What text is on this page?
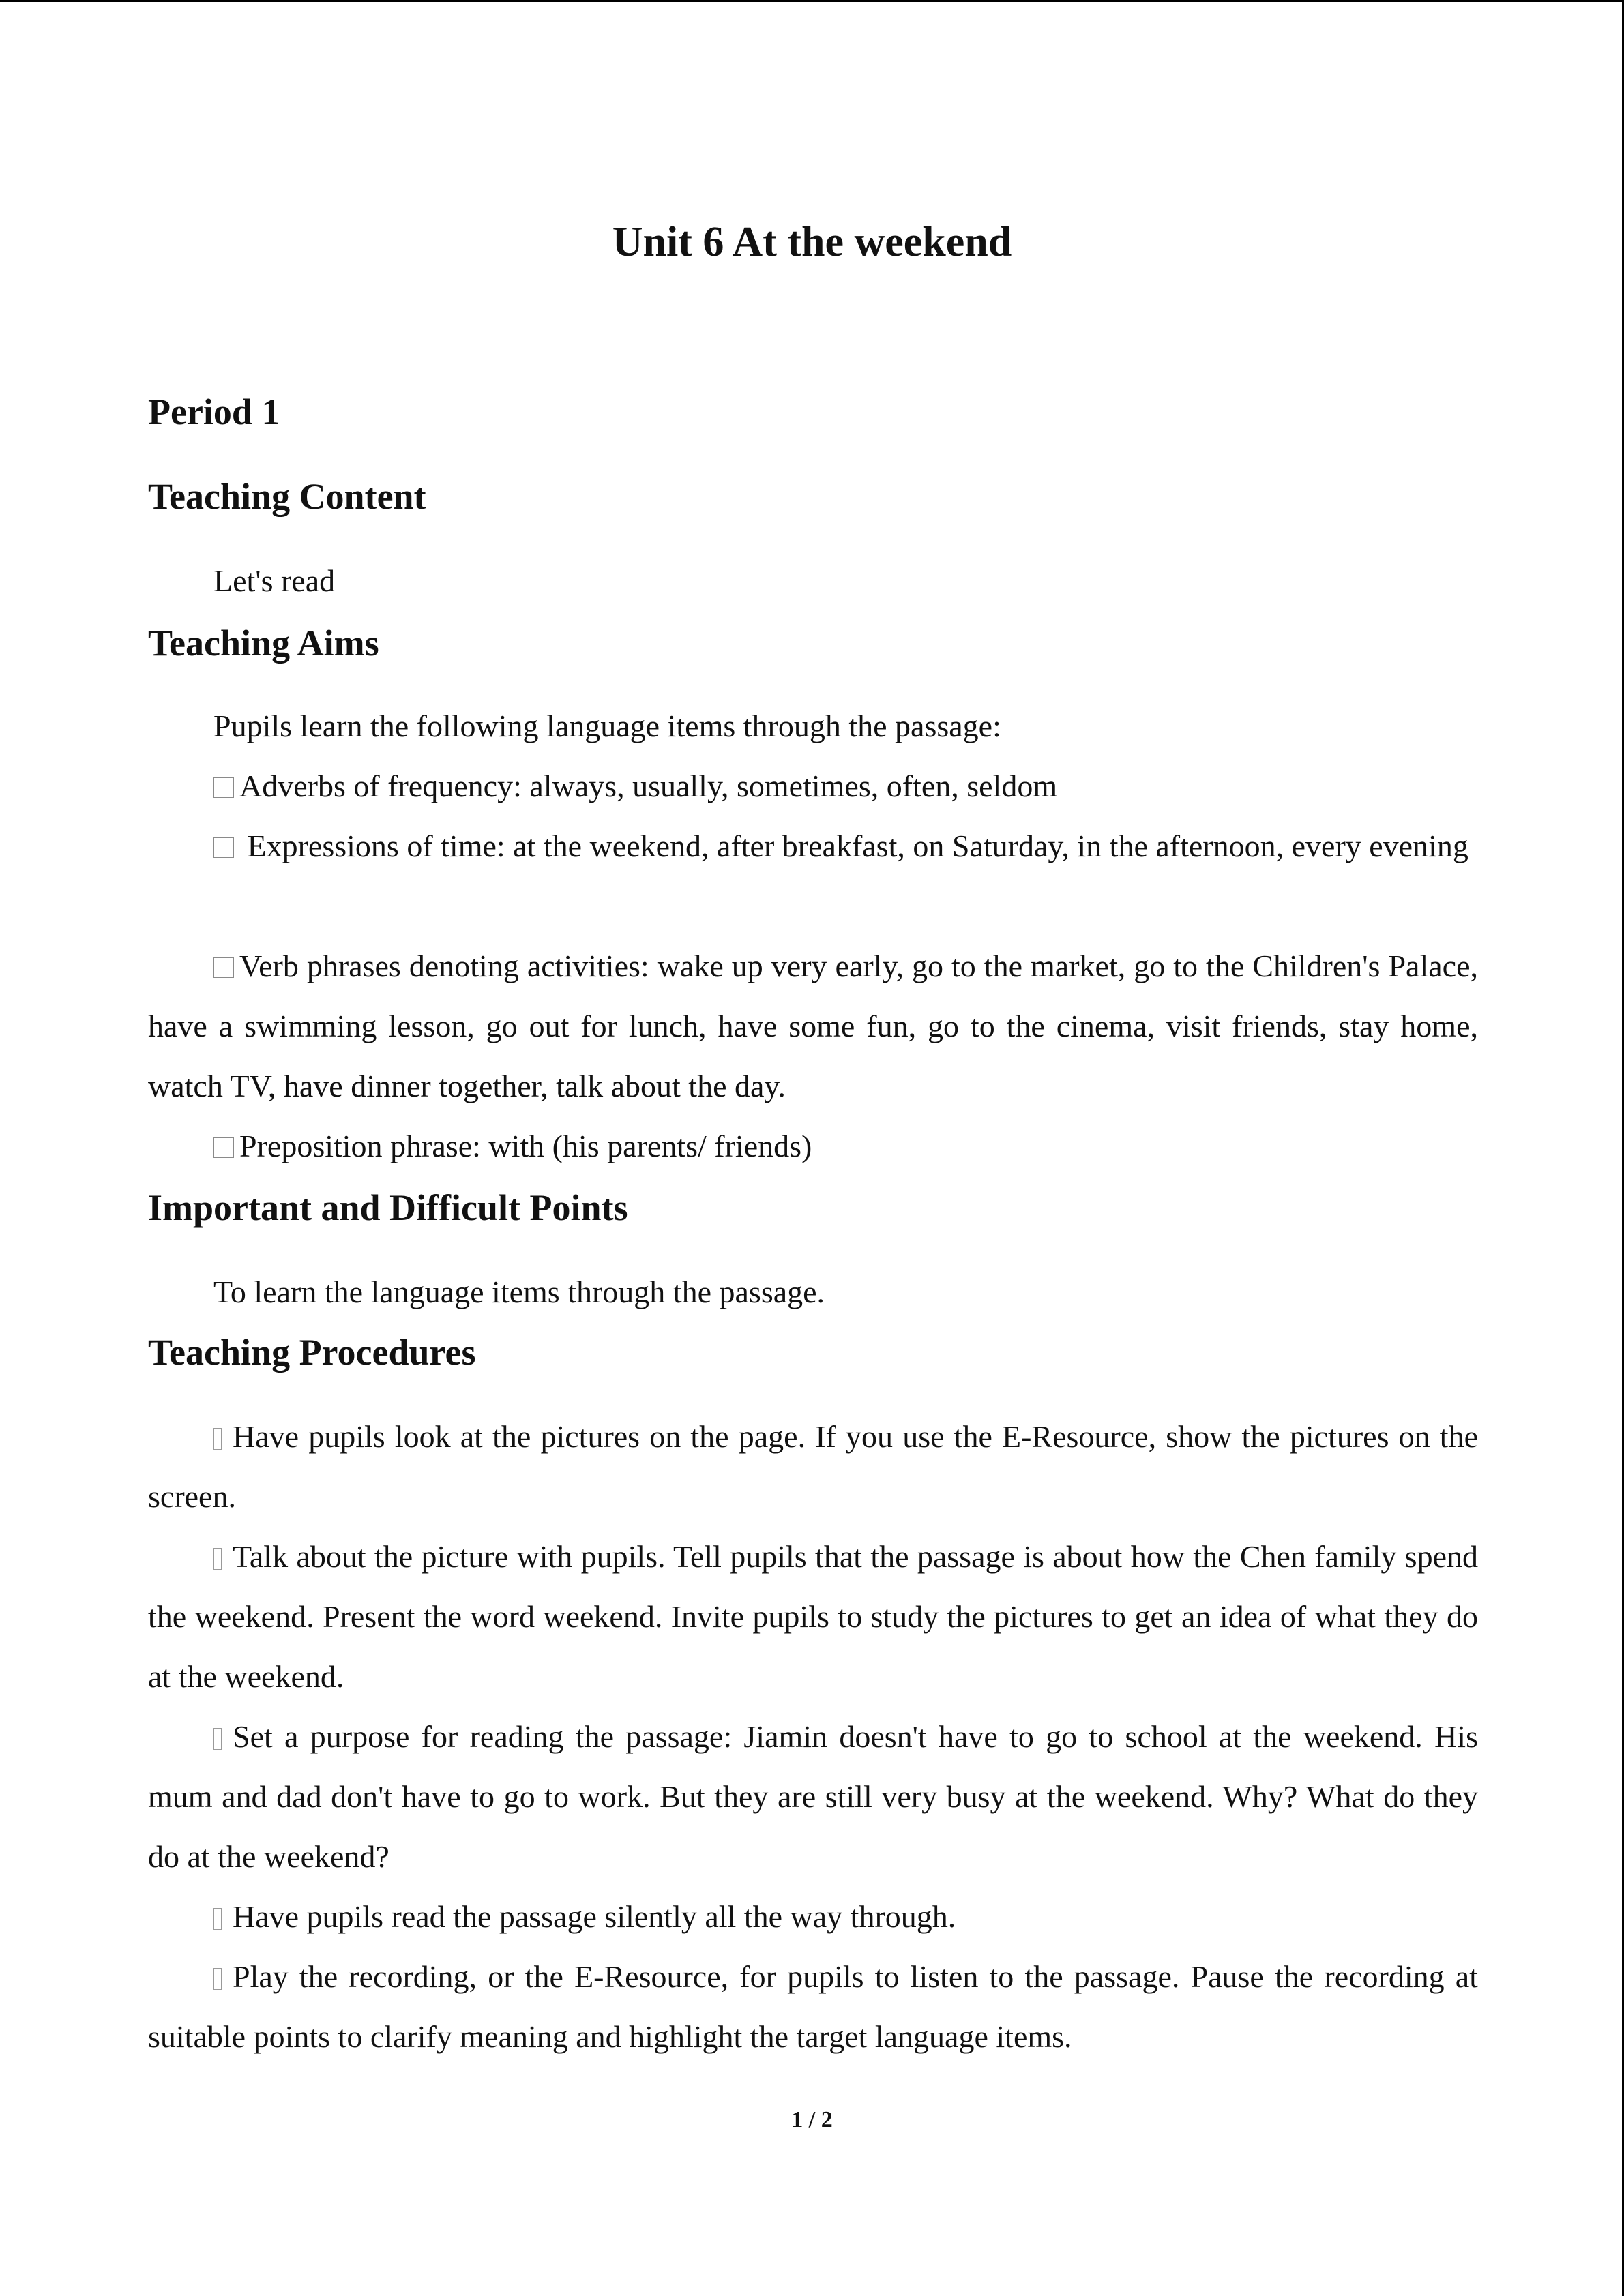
Unit 6 At the weekend
Period 1
Teaching Content

Let's read

Teaching Aims

Pupils learn the following language items through the passage:

Adverbs of frequency: always, usually, sometimes, often, seldom

Expressions of time: at the weekend, after breakfast, on Saturday, in the afternoon, every evening

Verb phrases denoting activities: wake up very early, go to the market, go to the Children's Palace, have a swimming lesson, go out for lunch, have some fun, go to the cinema, visit friends, stay home, watch TV, have dinner together, talk about the day.

Preposition phrase: with (his parents/ friends)

Important and Difficult Points

To learn the language items through the passage.

Teaching Procedures

Have pupils look at the pictures on the page. If you use the E-Resource, show the pictures on the screen.

Talk about the picture with pupils. Tell pupils that the passage is about how the Chen family spend the weekend. Present the word weekend. Invite pupils to study the pictures to get an idea of what they do at the weekend.

Set a purpose for reading the passage: Jiamin doesn't have to go to school at the weekend. His mum and dad don't have to go to work. But they are still very busy at the weekend. Why? What do they do at the weekend?

Have pupils read the passage silently all the way through.

Play the recording, or the E-Resource, for pupils to listen to the passage. Pause the recording at suitable points to clarify meaning and highlight the target language items.

1 / 2
